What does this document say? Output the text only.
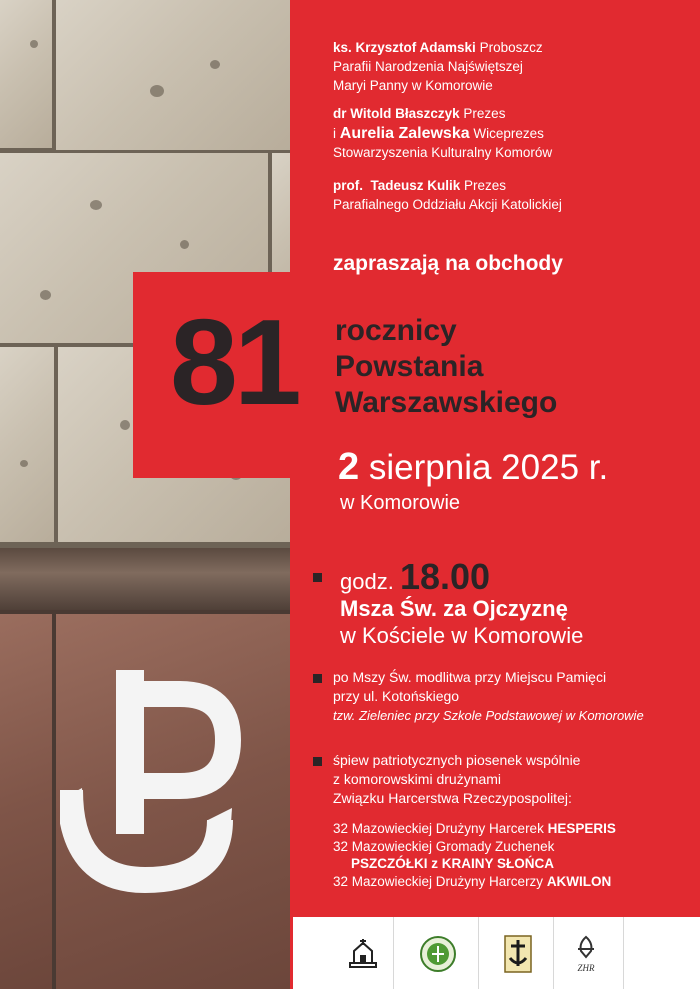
ks. Krzysztof Adamski Proboszcz
Parafii Narodzenia Najświętszej
Maryi Panny w Komorowie
dr Witold Błaszczyk Prezes
i Aurelia Zalewska Wiceprezes
Stowarzyszenia Kulturalny Komorów
prof.  Tadeusz Kulik Prezes
Parafialnego Oddziału Akcji Katolickiej
zapraszają na obchody
81 rocznicy
Powstania
Warszawskiego
2 sierpnia 2025 r.
w Komorowie
godz. 18.00
Msza Św. za Ojczyznę
w Kościele w Komorowie
po Mszy Św. modlitwa przy Miejscu Pamięci
przy ul. Kotońskiego
tzw. Zieleniec przy Szkole Podstawowej w Komorowie
śpiew patriotycznych piosenek wspólnie
z komorowskimi drużynami
Związku Harcerstwa Rzeczypospolitej:
32 Mazowieckiej Drużyny Harcerek HESPERIS
32 Mazowieckiej Gromady Zuchenek
PSZCZÓŁKI z KRAINY SŁOŃCA
32 Mazowieckiej Drużyny Harcerzy AKWILON
ZHR
